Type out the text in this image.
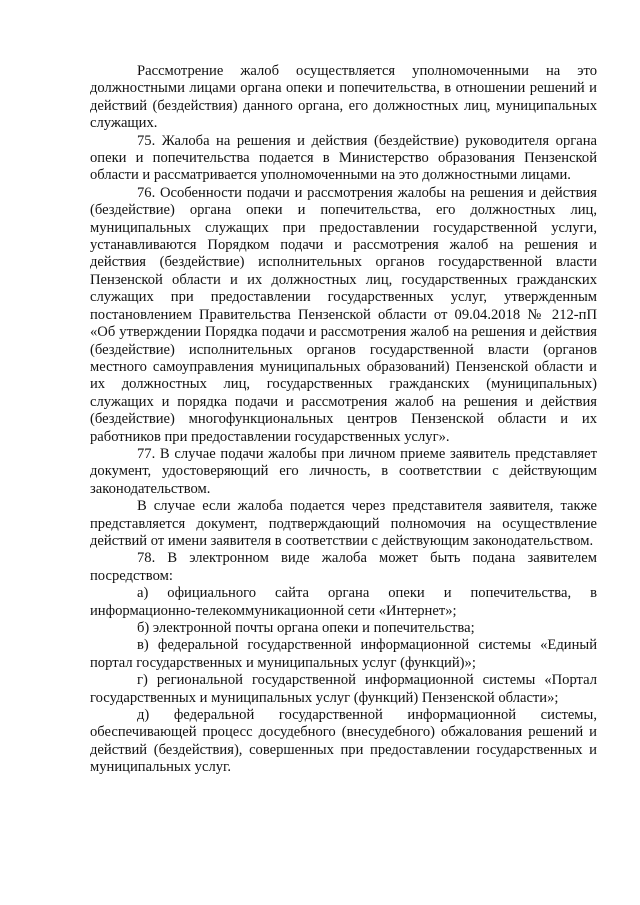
Рассмотрение жалоб осуществляется уполномоченными на это должностными лицами органа опеки и попечительства, в отношении решений и действий (бездействия) данного органа, его должностных лиц, муниципальных служащих.

75. Жалоба на решения и действия (бездействие) руководителя органа опеки и попечительства подается в Министерство образования Пензенской области и рассматривается уполномоченными на это должностными лицами.

76. Особенности подачи и рассмотрения жалобы на решения и действия (бездействие) органа опеки и попечительства, его должностных лиц, муниципальных служащих при предоставлении государственной услуги, устанавливаются Порядком подачи и рассмотрения жалоб на решения и действия (бездействие) исполнительных органов государственной власти Пензенской области и их должностных лиц, государственных гражданских служащих при предоставлении государственных услуг, утвержденным постановлением Правительства Пензенской области от 09.04.2018 № 212-пП «Об утверждении Порядка подачи и рассмотрения жалоб на решения и действия (бездействие) исполнительных органов государственной власти (органов местного самоуправления муниципальных образований) Пензенской области и их должностных лиц, государственных гражданских (муниципальных) служащих и порядка подачи и рассмотрения жалоб на решения и действия (бездействие) многофункциональных центров Пензенской области и их работников при предоставлении государственных услуг».

77. В случае подачи жалобы при личном приеме заявитель представляет документ, удостоверяющий его личность, в соответствии с действующим законодательством.

В случае если жалоба подается через представителя заявителя, также представляется документ, подтверждающий полномочия на осуществление действий от имени заявителя в соответствии с действующим законодательством.

78. В электронном виде жалоба может быть подана заявителем посредством:

а) официального сайта органа опеки и попечительства, в информационно-телекоммуникационной сети «Интернет»;

б) электронной почты органа опеки и попечительства;

в) федеральной государственной информационной системы «Единый портал государственных и муниципальных услуг (функций)»;

г) региональной государственной информационной системы «Портал государственных и муниципальных услуг (функций) Пензенской области»;

д) федеральной государственной информационной системы, обеспечивающей процесс досудебного (внесудебного) обжалования решений и действий (бездействия), совершенных при предоставлении государственных и муниципальных услуг.
